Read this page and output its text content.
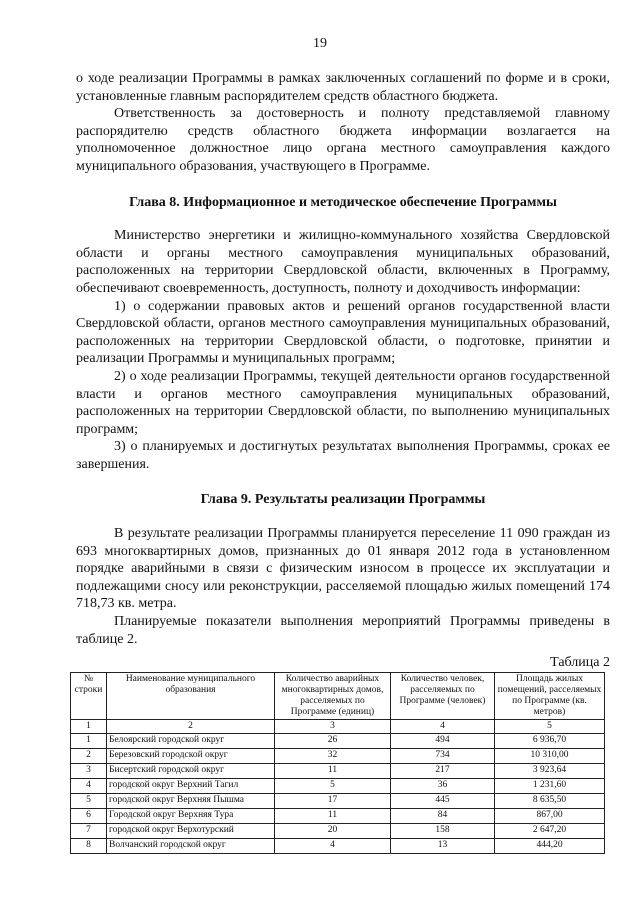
19

о ходе реализации Программы в рамках заключенных соглашений по форме и в сроки, установленные главным распорядителем средств областного бюджета.

Ответственность за достоверность и полноту представляемой главному распорядителю средств областного бюджета информации возлагается на уполномоченное должностное лицо органа местного самоуправления каждого муниципального образования, участвующего в Программе.

Глава 8. Информационное и методическое обеспечение Программы

Министерство энергетики и жилищно-коммунального хозяйства Свердловской области и органы местного самоуправления муниципальных образований, расположенных на территории Свердловской области, включенных в Программу, обеспечивают своевременность, доступность, полноту и доходчивость информации:

1) о содержании правовых актов и решений органов государственной власти Свердловской области, органов местного самоуправления муниципальных образований, расположенных на территории Свердловской области, о подготовке, принятии и реализации Программы и муниципальных программ;

2) о ходе реализации Программы, текущей деятельности органов государственной власти и органов местного самоуправления муниципальных образований, расположенных на территории Свердловской области, по выполнению муниципальных программ;

3) о планируемых и достигнутых результатах выполнения Программы, сроках ее завершения.

Глава 9. Результаты реализации Программы

В результате реализации Программы планируется переселение 11 090 граждан из 693 многоквартирных домов, признанных до 01 января 2012 года в установленном порядке аварийными в связи с физическим износом в процессе их эксплуатации и подлежащими сносу или реконструкции, расселяемой площадью жилых помещений 174 718,73 кв. метра.

Планируемые показатели выполнения мероприятий Программы приведены в таблице 2.

Таблица 2
№ строки	Наименование муниципального образования	Количество аварийных многоквартирных домов, расселяемых по Программе (единиц)	Количество человек, расселяемых по Программе (человек)	Площадь жилых помещений, расселяемых по Программе (кв. метров)
1	2	3	4	5
1	Белоярский городской округ	26	494	6 936,70
2	Березовский городской округ	32	734	10 310,00
3	Бисертский городской округ	11	217	3 923,64
4	городской округ Верхний Тагил	5	36	1 231,60
5	городской округ Верхняя Пышма	17	445	8 635,50
6	Городской округ Верхняя Тура	11	84	867,00
7	городской округ Верхотурский	20	158	2 647,20
8	Волчанский городской округ	4	13	444,20
